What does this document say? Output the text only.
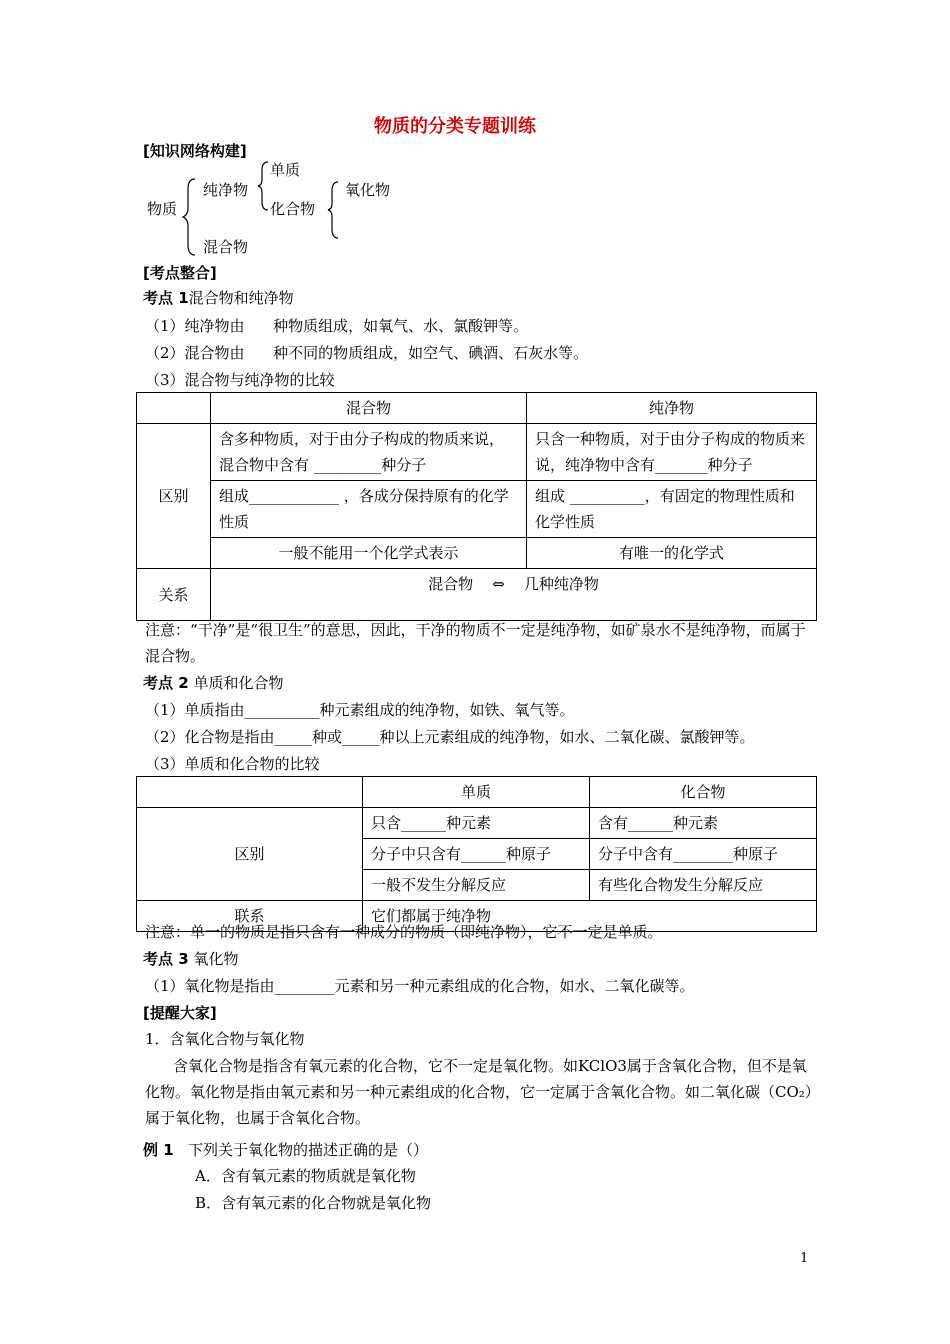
物质的分类专题训练
[知识网络构建]
物质
纯净物
混合物
单质
化合物
氧化物
[考点整合]
考点 1混合物和纯净物
（1）纯净物由      种物质组成，如氧气、水、氯酸钾等。
（2）混合物由      种不同的物质组成，如空气、碘酒、石灰水等。
（3）混合物与纯净物的比较
	混合物	纯净物
区别	含多种物质，对于由分子构成的物质来说，混合物中含有 _________种分子	只含一种物质，对于由分子构成的物质来说，纯净物中含有_______种分子
	组成____________ ，各成分保持原有的化学性质	组成 __________，有固定的物理性质和化学性质
	一般不能用一个化学式表示	有唯一的化学式
关系	混合物    ⇔    几种纯净物	
注意：“干净”是“很卫生”的意思，因此，干净的物质不一定是纯净物，如矿泉水不是纯净物，而属于混合物。
考点 2 单质和化合物
（1）单质指由__________种元素组成的纯净物，如铁、氧气等。
（2）化合物是指由_____种或_____种以上元素组成的纯净物，如水、二氧化碳、氯酸钾等。
（3）单质和化合物的比较
	单质	化合物
区别	只含______种元素	含有______种元素
	分子中只含有______种原子	分子中含有________种原子
	一般不发生分解反应	有些化合物发生分解反应
联系	它们都属于纯净物	
注意：单一的物质是指只含有一种成分的物质（即纯净物），它不一定是单质。
考点 3 氧化物
（1）氧化物是指由________元素和另一种元素组成的化合物，如水、二氧化碳等。
[提醒大家]
1．含氧化合物与氧化物
含氧化合物是指含有氧元素的化合物，它不一定是氧化物。如KClO3属于含氧化合物，但不是氧化物。氧化物是指由氧元素和另一种元素组成的化合物，它一定属于含氧化合物。如二氧化碳（CO₂）属于氧化物，也属于含氧化合物。
例 1 下列关于氧化物的描述正确的是（）
A．含有氧元素的物质就是氧化物
B．含有氧元素的化合物就是氧化物
1
